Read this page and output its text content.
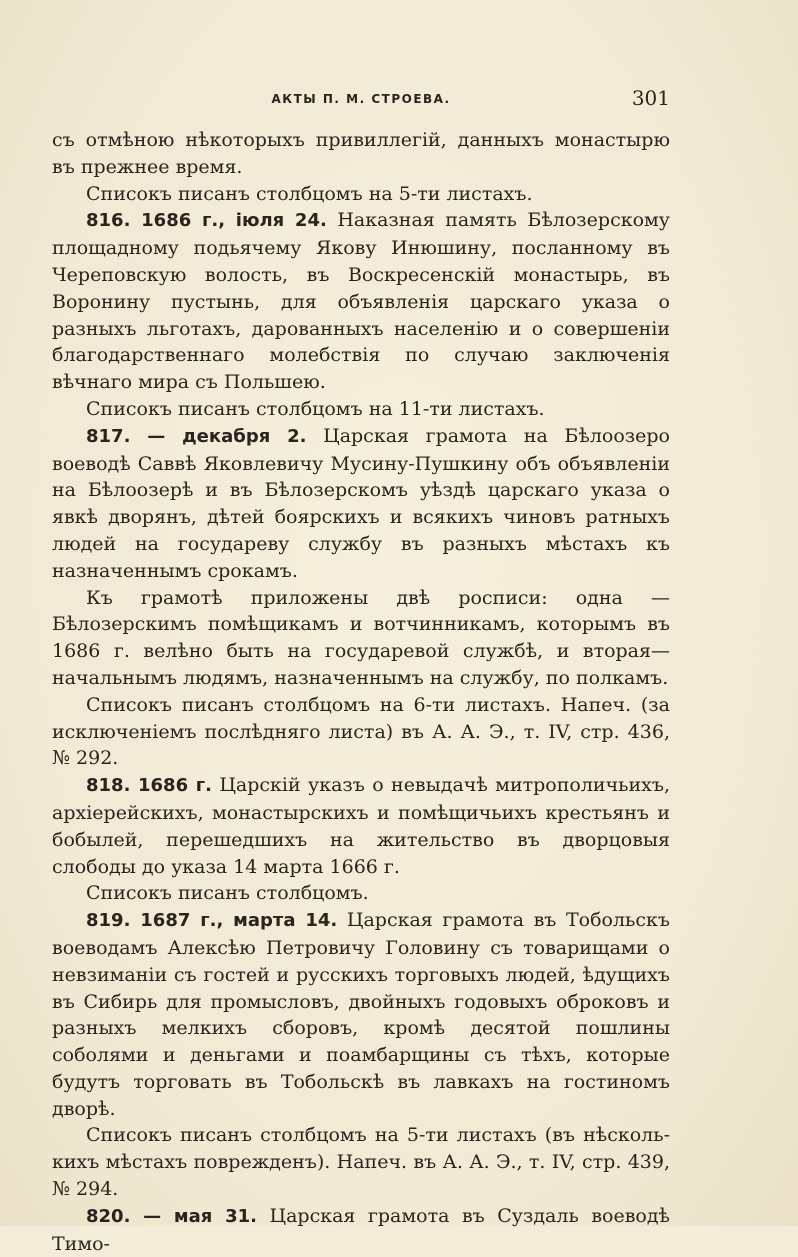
АКТЫ П. М. СТРОЕВА.	301

съ отмѣною нѣкоторыхъ привиллегій, данныхъ монастырю въ прежнее время.

Списокъ писанъ столбцомъ на 5-ти листахъ.

816. 1686 г., іюля 24. Наказная память Бѣлозерскому площадному подьячему Якову Инюшину, посланному въ Череповскую волость, въ Воскресенскій монастырь, въ Воронину пустынь, для объявленія царскаго указа о разныхъ льготахъ, дарованныхъ населенію и о совершеніи благодарственнаго молебствія по случаю заключенія вѣчнаго мира съ Польшею.

Списокъ писанъ столбцомъ на 11-ти листахъ.

817. — декабря 2. Царская грамота на Бѣлоозеро воеводѣ Саввѣ Яковлевичу Мусину-Пушкину объ объявленіи на Бѣлоозерѣ и въ Бѣлозерскомъ уѣздѣ царскаго указа о явкѣ дворянъ, дѣтей боярскихъ и всякихъ чиновъ ратныхъ людей на государеву службу въ разныхъ мѣстахъ къ назначеннымъ срокамъ.

Къ грамотѣ приложены двѣ росписи: одна — Бѣлозерскимъ помѣщикамъ и вотчинникамъ, которымъ въ 1686 г. велѣно быть на государевой службѣ, и вторая—начальнымъ людямъ, назначеннымъ на службу, по полкамъ.

Списокъ писанъ столбцомъ на 6-ти листахъ. Напеч. (за исключеніемъ послѣдняго листа) въ А. А. Э., т. IV, стр. 436, № 292.

818. 1686 г. Царскій указъ о невыдачѣ митрополичьихъ, архіерейскихъ, монастырскихъ и помѣщичьихъ крестьянъ и бобылей, перешедшихъ на жительство въ дворцовыя слободы до указа 14 марта 1666 г.

Списокъ писанъ столбцомъ.

819. 1687 г., марта 14. Царская грамота въ Тобольскъ воеводамъ Алексѣю Петровичу Головину съ товарищами о невзиманіи съ гостей и русскихъ торговыхъ людей, ѣдущихъ въ Сибирь для промысловъ, двойныхъ годовыхъ оброковъ и разныхъ мелкихъ сборовъ, кромѣ десятой пошлины соболями и деньгами и поамбарщины съ тѣхъ, которые будутъ торговать въ Тобольскѣ въ лавкахъ на гостиномъ дворѣ.

Списокъ писанъ столбцомъ на 5-ти листахъ (въ нѣсколькихъ мѣстахъ поврежденъ). Напеч. въ А. А. Э., т. IV, стр. 439, № 294.

820. — мая 31. Царская грамота въ Суздаль воеводѣ Тимо-
